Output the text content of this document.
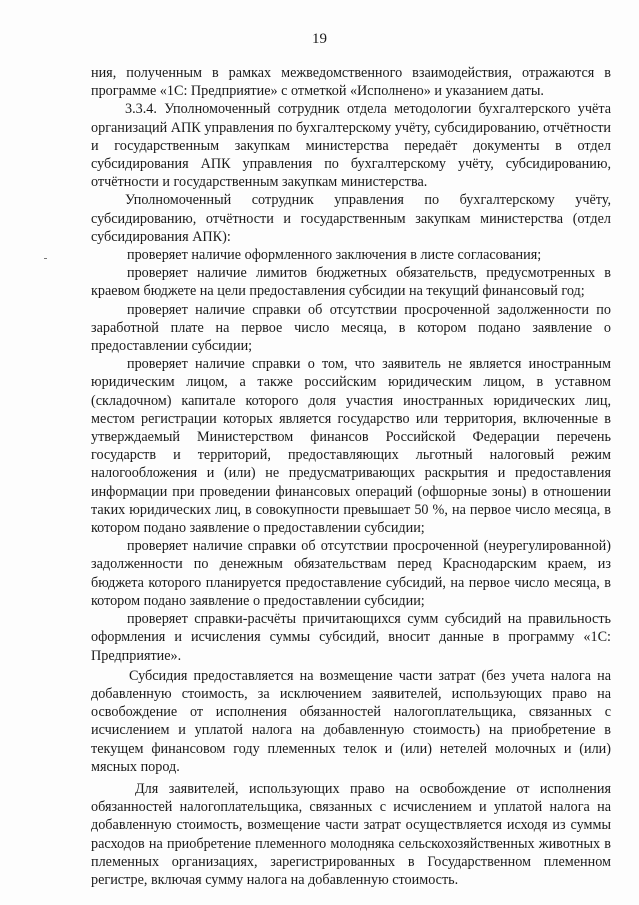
19

ния, полученным в рамках межведомственного взаимодействия, отражаются в программе «1С: Предприятие» с отметкой «Исполнено» и указанием даты.

3.3.4. Уполномоченный сотрудник отдела методологии бухгалтерского учёта организаций АПК управления по бухгалтерскому учёту, субсидированию, отчётности и государственным закупкам министерства передаёт документы в отдел субсидирования АПК управления по бухгалтерскому учёту, субсидированию, отчётности и государственным закупкам министерства.

Уполномоченный сотрудник управления по бухгалтерскому учёту, субсидированию, отчётности и государственным закупкам министерства (отдел субсидирования АПК):

проверяет наличие оформленного заключения в листе согласования;

проверяет наличие лимитов бюджетных обязательств, предусмотренных в краевом бюджете на цели предоставления субсидии на текущий финансовый год;

проверяет наличие справки об отсутствии просроченной задолженности по заработной плате на первое число месяца, в котором подано заявление о предоставлении субсидии;

проверяет наличие справки о том, что заявитель не является иностранным юридическим лицом, а также российским юридическим лицом, в уставном (складочном) капитале которого доля участия иностранных юридических лиц, местом регистрации которых является государство или территория, включенные в утверждаемый Министерством финансов Российской Федерации перечень государств и территорий, предоставляющих льготный налоговый режим налогообложения и (или) не предусматривающих раскрытия и предоставления информации при проведении финансовых операций (офшорные зоны) в отношении таких юридических лиц, в совокупности превышает 50 %, на первое число месяца, в котором подано заявление о предоставлении субсидии;

проверяет наличие справки об отсутствии просроченной (неурегулированной) задолженности по денежным обязательствам перед Краснодарским краем, из бюджета которого планируется предоставление субсидий, на первое число месяца, в котором подано заявление о предоставлении субсидии;

проверяет справки-расчёты причитающихся сумм субсидий на правильность оформления и исчисления суммы субсидий, вносит данные в программу «1С: Предприятие».

Субсидия предоставляется на возмещение части затрат (без учета налога на добавленную стоимость, за исключением заявителей, использующих право на освобождение от исполнения обязанностей налогоплательщика, связанных с исчислением и уплатой налога на добавленную стоимость) на приобретение в текущем финансовом году племенных телок и (или) нетелей молочных и (или) мясных пород.

Для заявителей, использующих право на освобождение от исполнения обязанностей налогоплательщика, связанных с исчислением и уплатой налога на добавленную стоимость, возмещение части затрат осуществляется исходя из суммы расходов на приобретение племенного молодняка сельскохозяйственных животных в племенных организациях, зарегистрированных в Государственном племенном регистре, включая сумму налога на добавленную стоимость.
